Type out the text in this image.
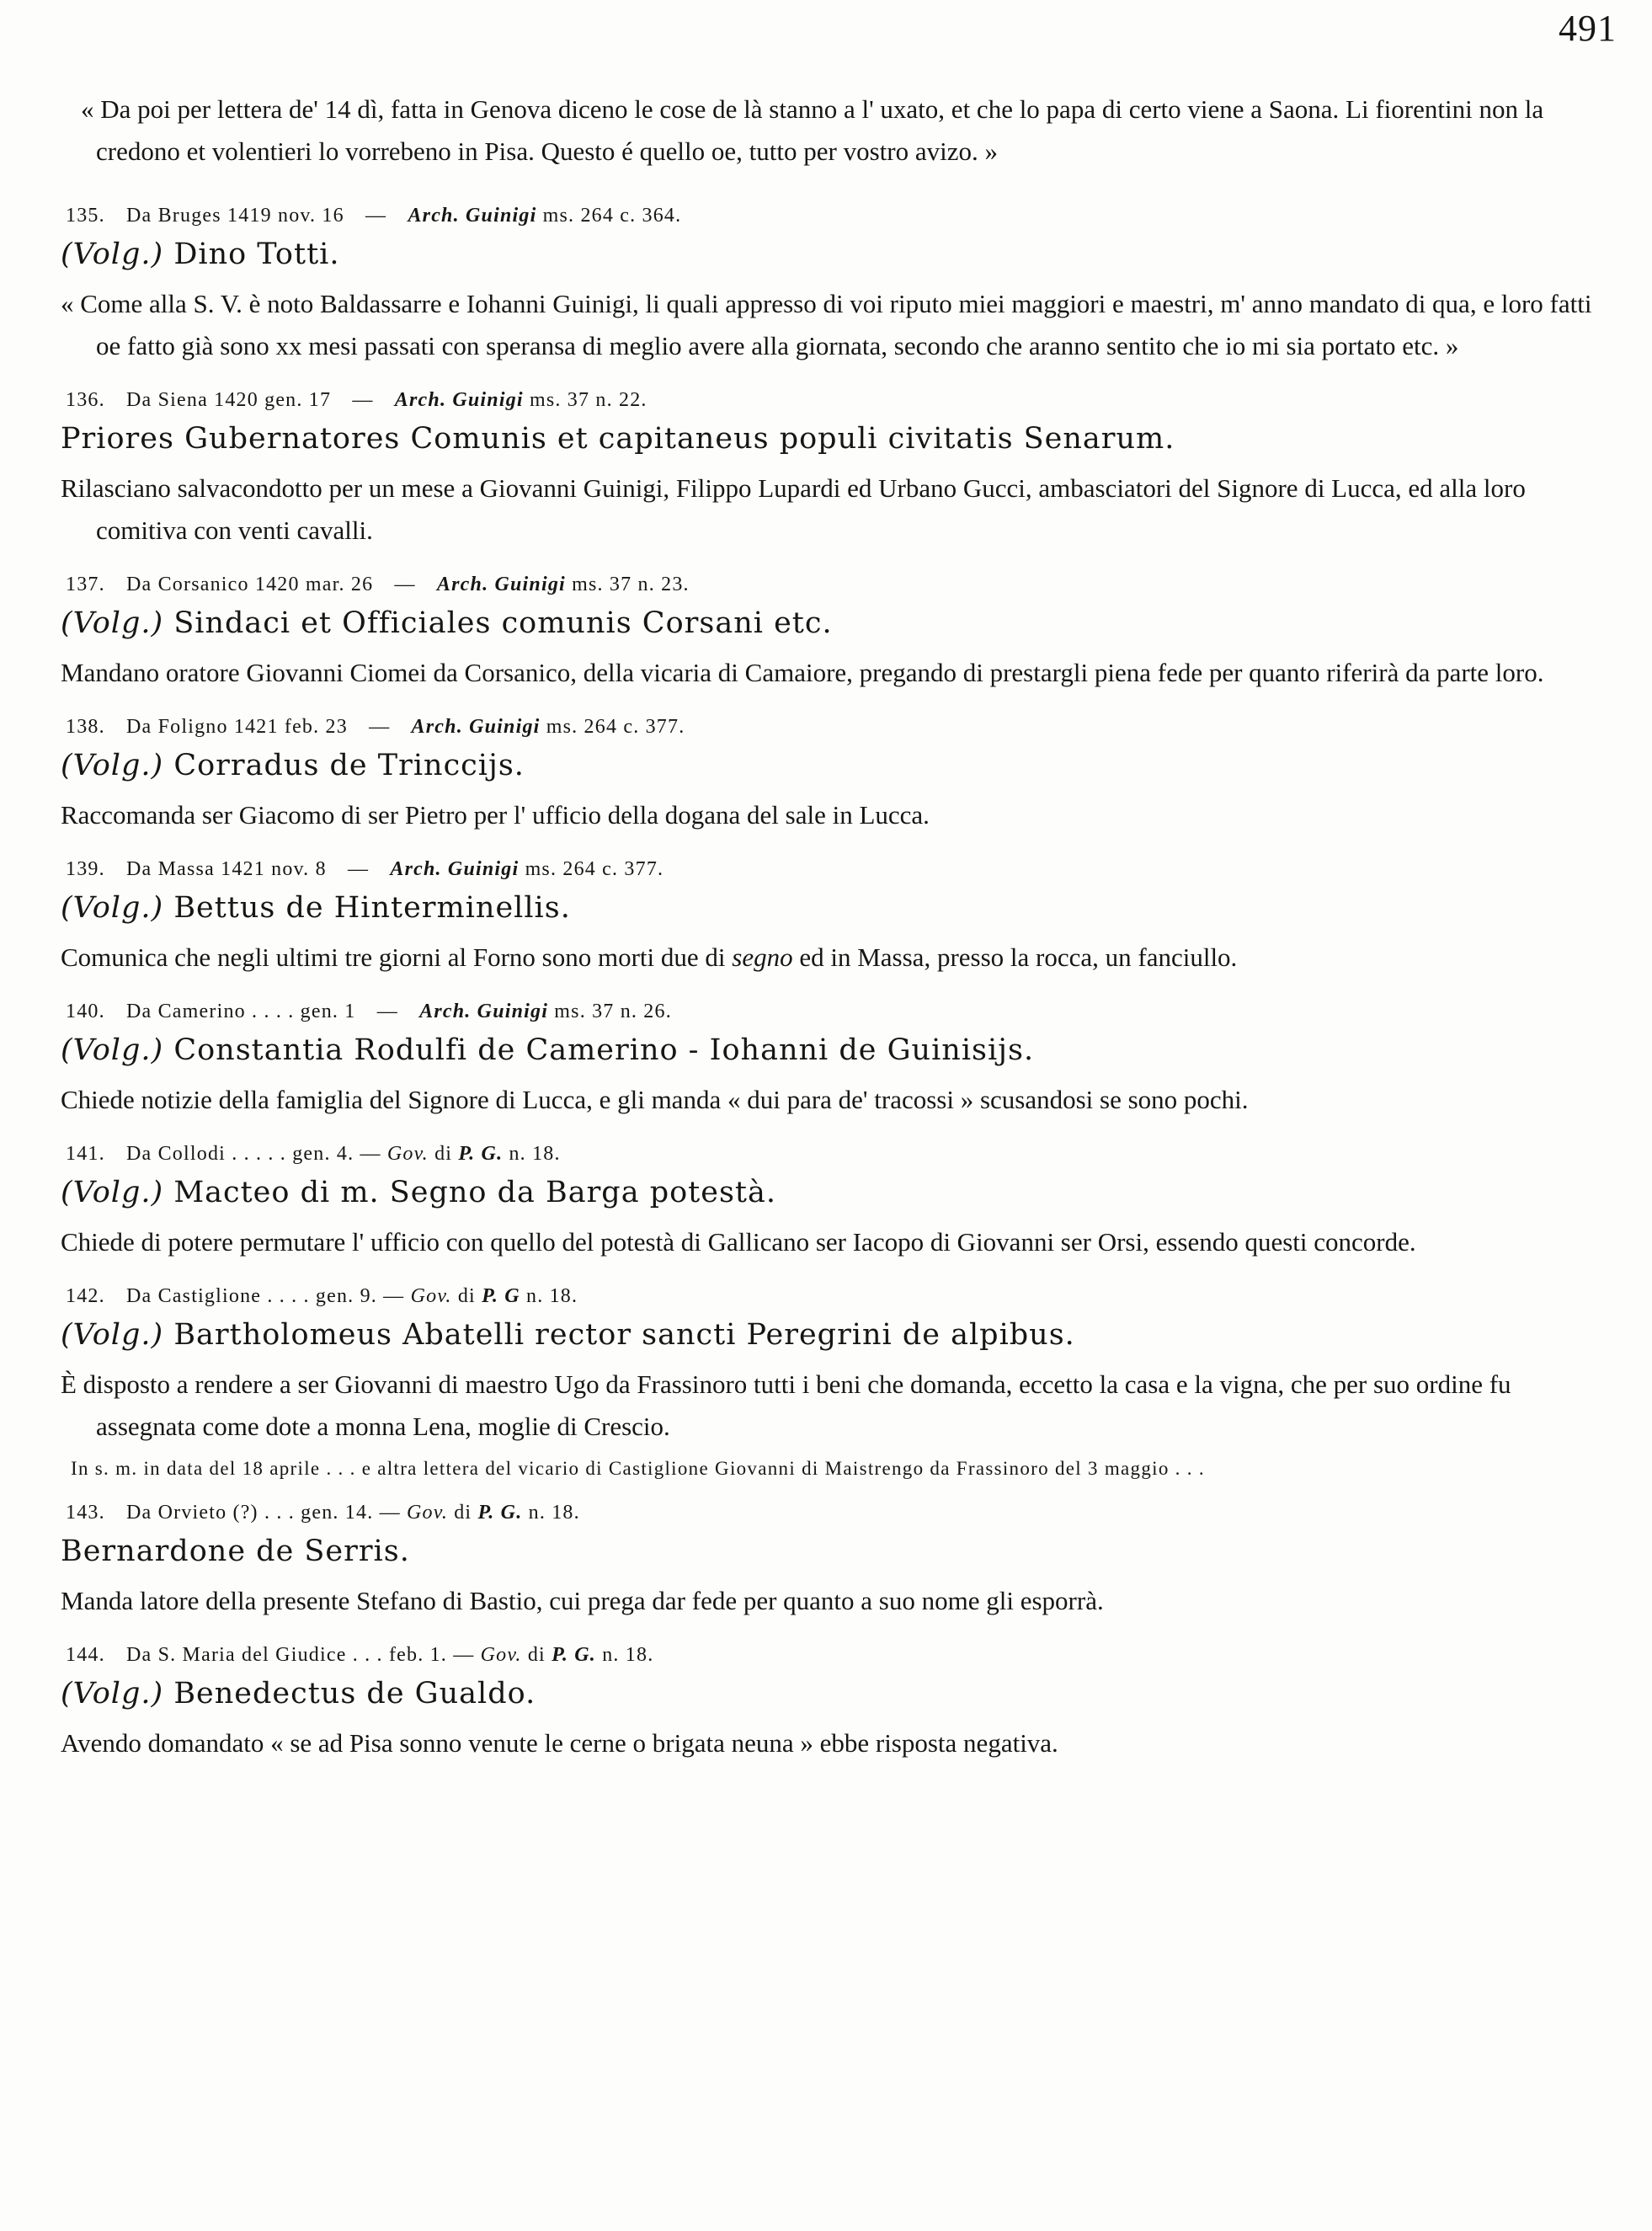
491

« Da poi per lettera de' 14 dì, fatta in Genova diceno le cose de là stanno a l' uxato, et che lo papa di certo viene a Saona. Li fiorentini non la credono et volentieri lo vorrebeno in Pisa. Questo é quello oe, tutto per vostro avizo. »

135. Da Bruges 1419 nov. 16 — Arch. Guinigi ms. 264 c. 364.
(Volg.) Dino Totti.

« Come alla S. V. è noto Baldassarre e Iohanni Guinigi, li quali appresso di voi riputo miei maggiori e maestri, m' anno mandato di qua, e loro fatti oe fatto già sono xx mesi passati con speransa di meglio avere alla giornata, secondo che aranno sentito che io mi sia portato etc. »

136. Da Siena 1420 gen. 17 — Arch. Guinigi ms. 37 n. 22.
Priores Gubernatores Comunis et capitaneus populi civitatis Senarum.

Rilasciano salvacondotto per un mese a Giovanni Guinigi, Filippo Lupardi ed Urbano Gucci, ambasciatori del Signore di Lucca, ed alla loro comitiva con venti cavalli.

137. Da Corsanico 1420 mar. 26 — Arch. Guinigi ms. 37 n. 23.
(Volg.) Sindaci et Officiales comunis Corsani etc.

Mandano oratore Giovanni Ciomei da Corsanico, della vicaria di Camaiore, pregando di prestargli piena fede per quanto riferirà da parte loro.

138. Da Foligno 1421 feb. 23 — Arch. Guinigi ms. 264 c. 377.
(Volg.) Corradus de Trinccijs.

Raccomanda ser Giacomo di ser Pietro per l' ufficio della dogana del sale in Lucca.

139. Da Massa 1421 nov. 8 — Arch. Guinigi ms. 264 c. 377.
(Volg.) Bettus de Hinterminellis.

Comunica che negli ultimi tre giorni al Forno sono morti due di segno ed in Massa, presso la rocca, un fanciullo.

140. Da Camerino . . . . gen. 1 — Arch. Guinigi ms. 37 n. 26.
(Volg.) Constantia Rodulfi de Camerino - Iohanni de Guinisijs.

Chiede notizie della famiglia del Signore di Lucca, e gli manda « dui para de' tracossi » scusandosi se sono pochi.

141. Da Collodi . . . . . gen. 4. — Gov. di P. G. n. 18.
(Volg.) Macteo di m. Segno da Barga potestà.

Chiede di potere permutare l' ufficio con quello del potestà di Gallicano ser Iacopo di Giovanni ser Orsi, essendo questi concorde.

142. Da Castiglione . . . . gen. 9. — Gov. di P. G n. 18.
(Volg.) Bartholomeus Abatelli rector sancti Peregrini de alpibus.

È disposto a rendere a ser Giovanni di maestro Ugo da Frassinoro tutti i beni che domanda, eccetto la casa e la vigna, che per suo ordine fu assegnata come dote a monna Lena, moglie di Crescio.

In s. m. in data del 18 aprile . . . e altra lettera del vicario di Castiglione Giovanni di Maistrengo da Frassinoro del 3 maggio . . .
143. Da Orvieto (?) . . . gen. 14. — Gov. di P. G. n. 18.
Bernardone de Serris.

Manda latore della presente Stefano di Bastio, cui prega dar fede per quanto a suo nome gli esporrà.

144. Da S. Maria del Giudice . . . feb. 1. — Gov. di P. G. n. 18.
(Volg.) Benedectus de Gualdo.

Avendo domandato « se ad Pisa sonno venute le cerne o brigata neuna » ebbe risposta negativa.
